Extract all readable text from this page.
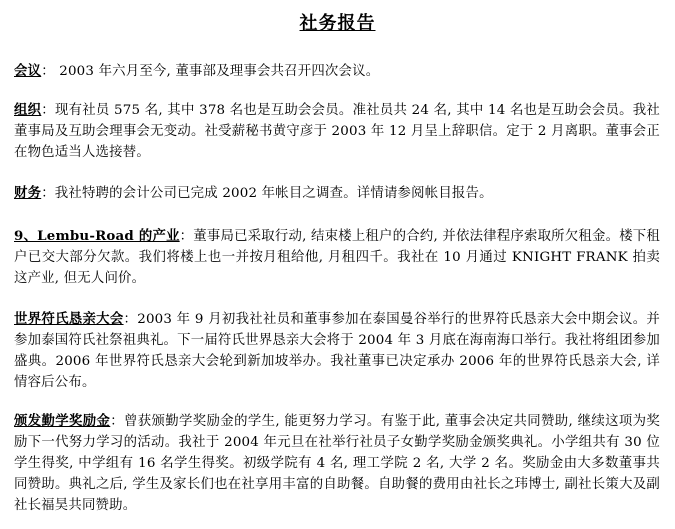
社务报告
会议： 2003 年六月至今, 董事部及理事会共召开四次会议。
组织：现有社员 575 名, 其中 378 名也是互助会会员。准社员共 24 名, 其中 14 名也是互助会会员。我社董事局及互助会理事会无变动。社受薪秘书黄守彦于 2003 年 12 月呈上辞职信。定于 2 月离职。董事会正在物色适当人选接替。
财务：我社特聘的会计公司已完成 2002 年帐目之调查。详情请参阅帐目报告。
9、Lembu-Road 的产业：董事局已采取行动, 结束楼上租户的合约, 并依法律程序索取所欠租金。楼下租户已交大部分欠款。我们将楼上也一并按月租给他, 月租四千。我社在 10 月通过 KNIGHT FRANK 拍卖这产业, 但无人问价。
世界符氏恳亲大会：2003 年 9 月初我社社员和董事参加在泰国曼谷举行的世界符氏恳亲大会中期会议。并参加泰国符氏社祭祖典礼。下一届符氏世界恳亲大会将于 2004 年 3 月底在海南海口举行。我社将组团参加盛典。2006 年世界符氏恳亲大会轮到新加坡举办。我社董事已决定承办 2006 年的世界符氏恳亲大会, 详情容后公布。
颁发勤学奖励金：曾获颁勤学奖励金的学生, 能更努力学习。有鉴于此, 董事会决定共同赞助, 继续这项为奖励下一代努力学习的活动。我社于 2004 年元旦在社举行社员子女勤学奖励金颁奖典礼。小学组共有 30 位学生得奖, 中学组有 16 名学生得奖。初级学院有 4 名, 理工学院 2 名, 大学 2 名。奖励金由大多数董事共同赞助。典礼之后, 学生及家长们也在社享用丰富的自助餐。自助餐的费用由社长之玮博士, 副社长策大及副社长福昊共同赞助。
